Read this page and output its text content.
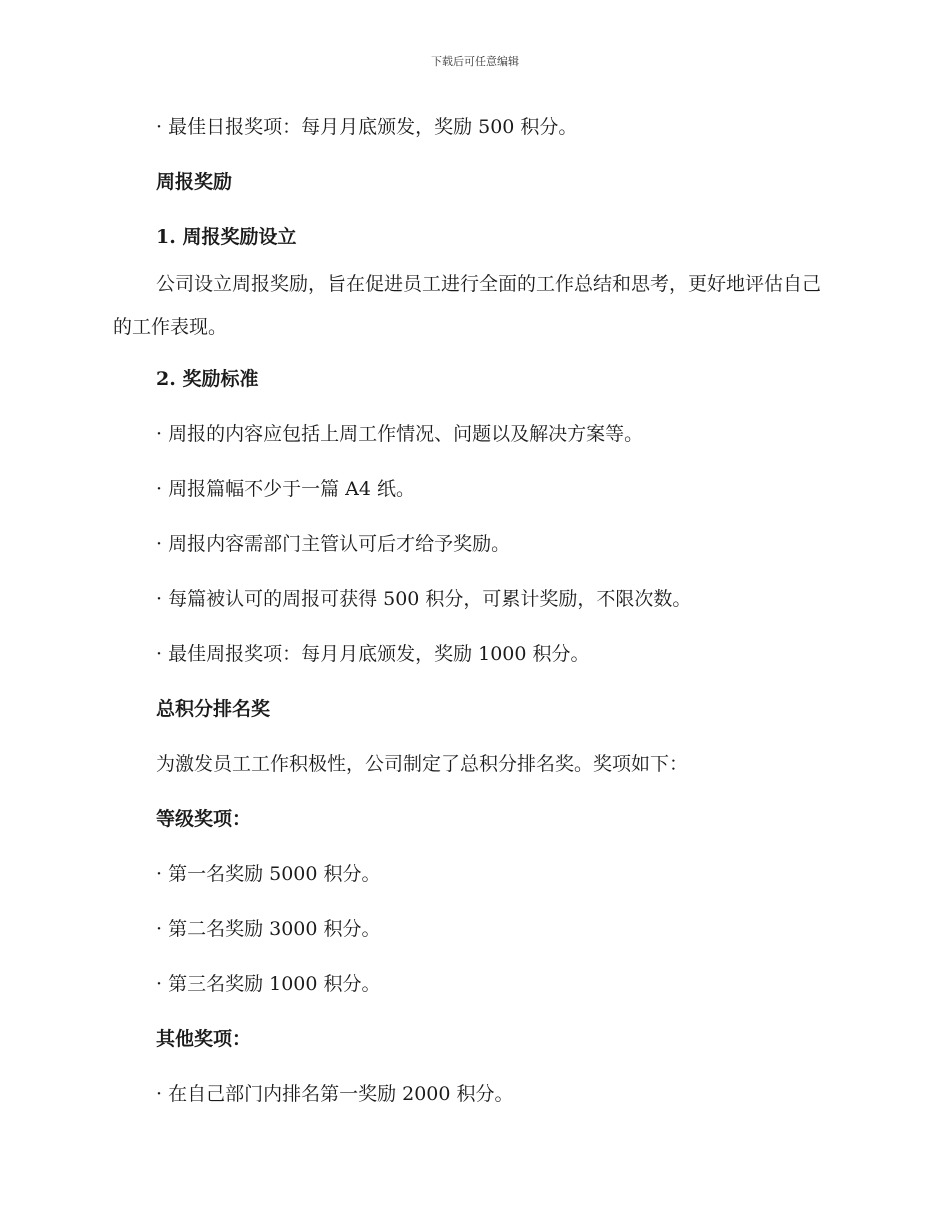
下载后可任意编辑

· 最佳日报奖项：每月月底颁发，奖励 500 积分。

周报奖励

1. 周报奖励设立

公司设立周报奖励，旨在促进员工进行全面的工作总结和思考，更好地评估自己的工作表现。

2. 奖励标准

· 周报的内容应包括上周工作情况、问题以及解决方案等。

· 周报篇幅不少于一篇 A4 纸。

· 周报内容需部门主管认可后才给予奖励。

· 每篇被认可的周报可获得 500 积分，可累计奖励，不限次数。

· 最佳周报奖项：每月月底颁发，奖励 1000 积分。

总积分排名奖

为激发员工工作积极性，公司制定了总积分排名奖。奖项如下：

等级奖项：

· 第一名奖励 5000 积分。

· 第二名奖励 3000 积分。

· 第三名奖励 1000 积分。

其他奖项：

· 在自己部门内排名第一奖励 2000 积分。
